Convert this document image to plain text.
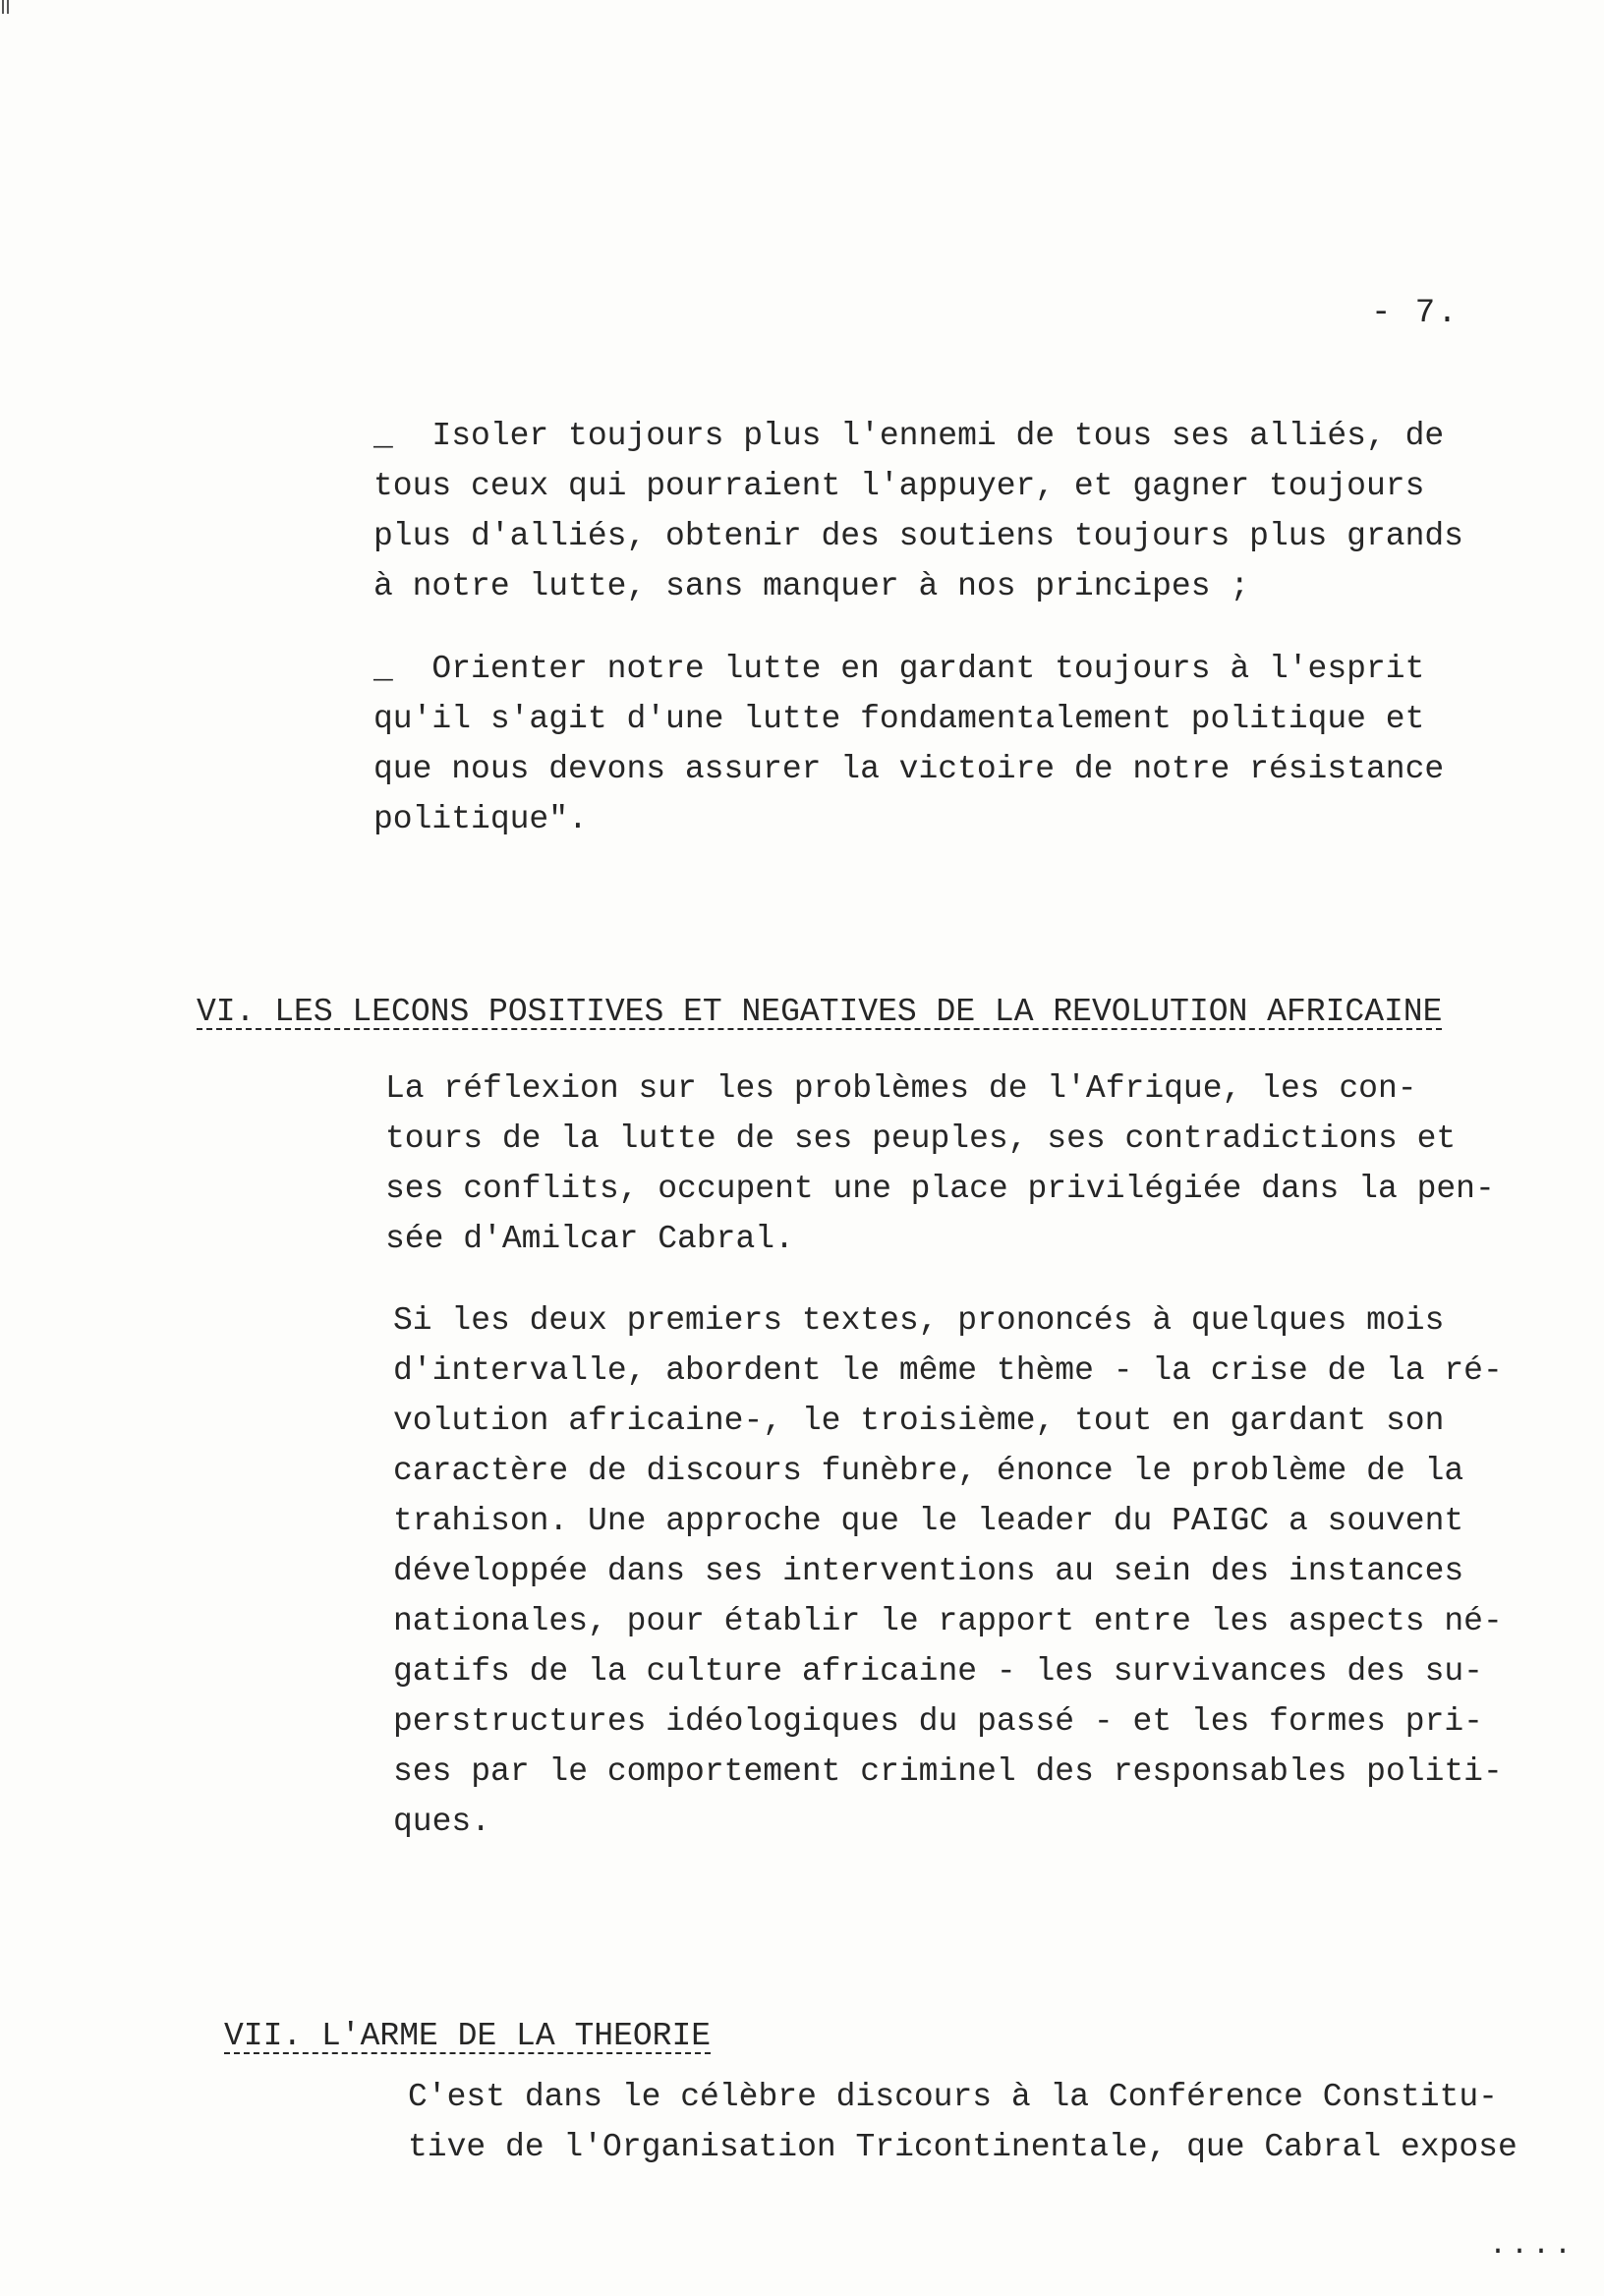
- 7.
_  Isoler toujours plus l'ennemi de tous ses alliés, de
tous ceux qui pourraient l'appuyer, et gagner toujours
plus d'alliés, obtenir des soutiens toujours plus grands
à notre lutte, sans manquer à nos principes ;
_  Orienter notre lutte en gardant toujours à l'esprit
qu'il s'agit d'une lutte fondamentalement politique et
que nous devons assurer la victoire de notre résistance
politique".
VI. LES LECONS POSITIVES ET NEGATIVES DE LA REVOLUTION AFRICAINE
La réflexion sur les problèmes de l'Afrique, les con-
tours de la lutte de ses peuples, ses contradictions et
ses conflits, occupent une place privilégiée dans la pen-
sée d'Amilcar Cabral.
Si les deux premiers textes, prononcés à quelques mois
d'intervalle, abordent le même thème - la crise de la ré-
volution africaine-, le troisième, tout en gardant son
caractère de discours funèbre, énonce le problème de la
trahison. Une approche que le leader du PAIGC a souvent
développée dans ses interventions au sein des instances
nationales, pour établir le rapport entre les aspects né-
gatifs de la culture africaine - les survivances des su-
perstructures idéologiques du passé - et les formes pri-
ses par le comportement criminel des responsables politi-
ques.
VII. L'ARME DE LA THEORIE
C'est dans le célèbre discours à la Conférence Constitu-
tive de l'Organisation Tricontinentale, que Cabral expose
....
